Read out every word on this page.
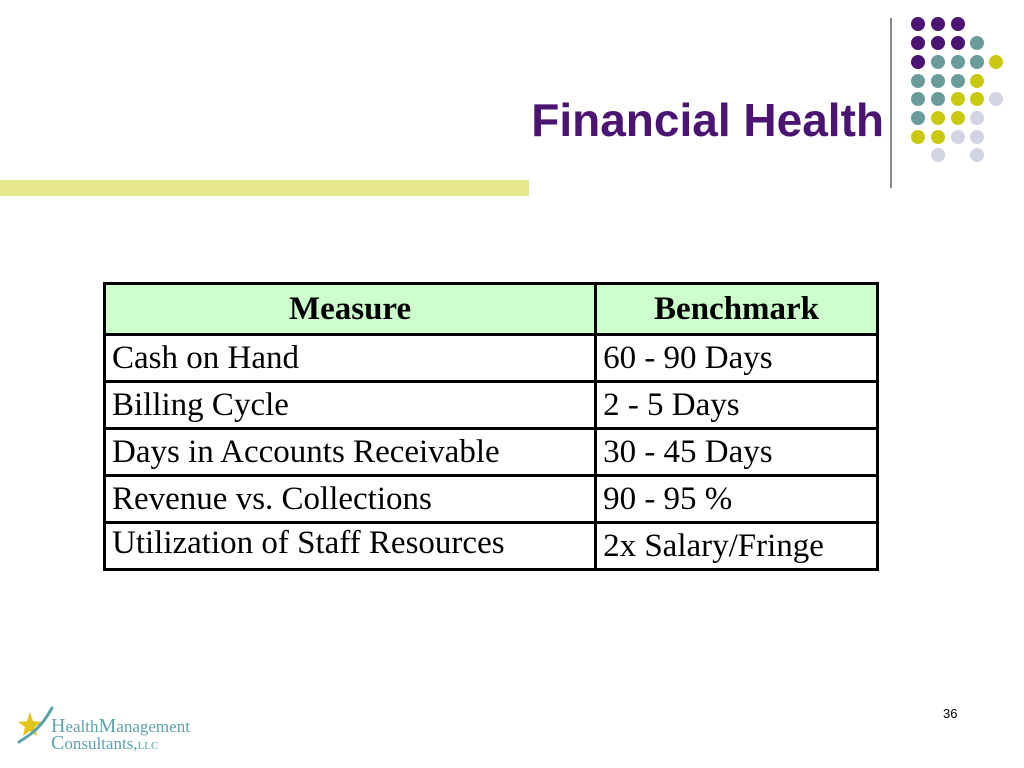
Financial Health
Measure	Benchmark
Cash on Hand	60 - 90 Days
Billing Cycle	2 - 5 Days
Days in Accounts Receivable	30 - 45 Days
Revenue vs. Collections	90 - 95 %
Utilization of Staff Resources	2x Salary/Fringe
HealthManagement
Consultants,LLC
36
